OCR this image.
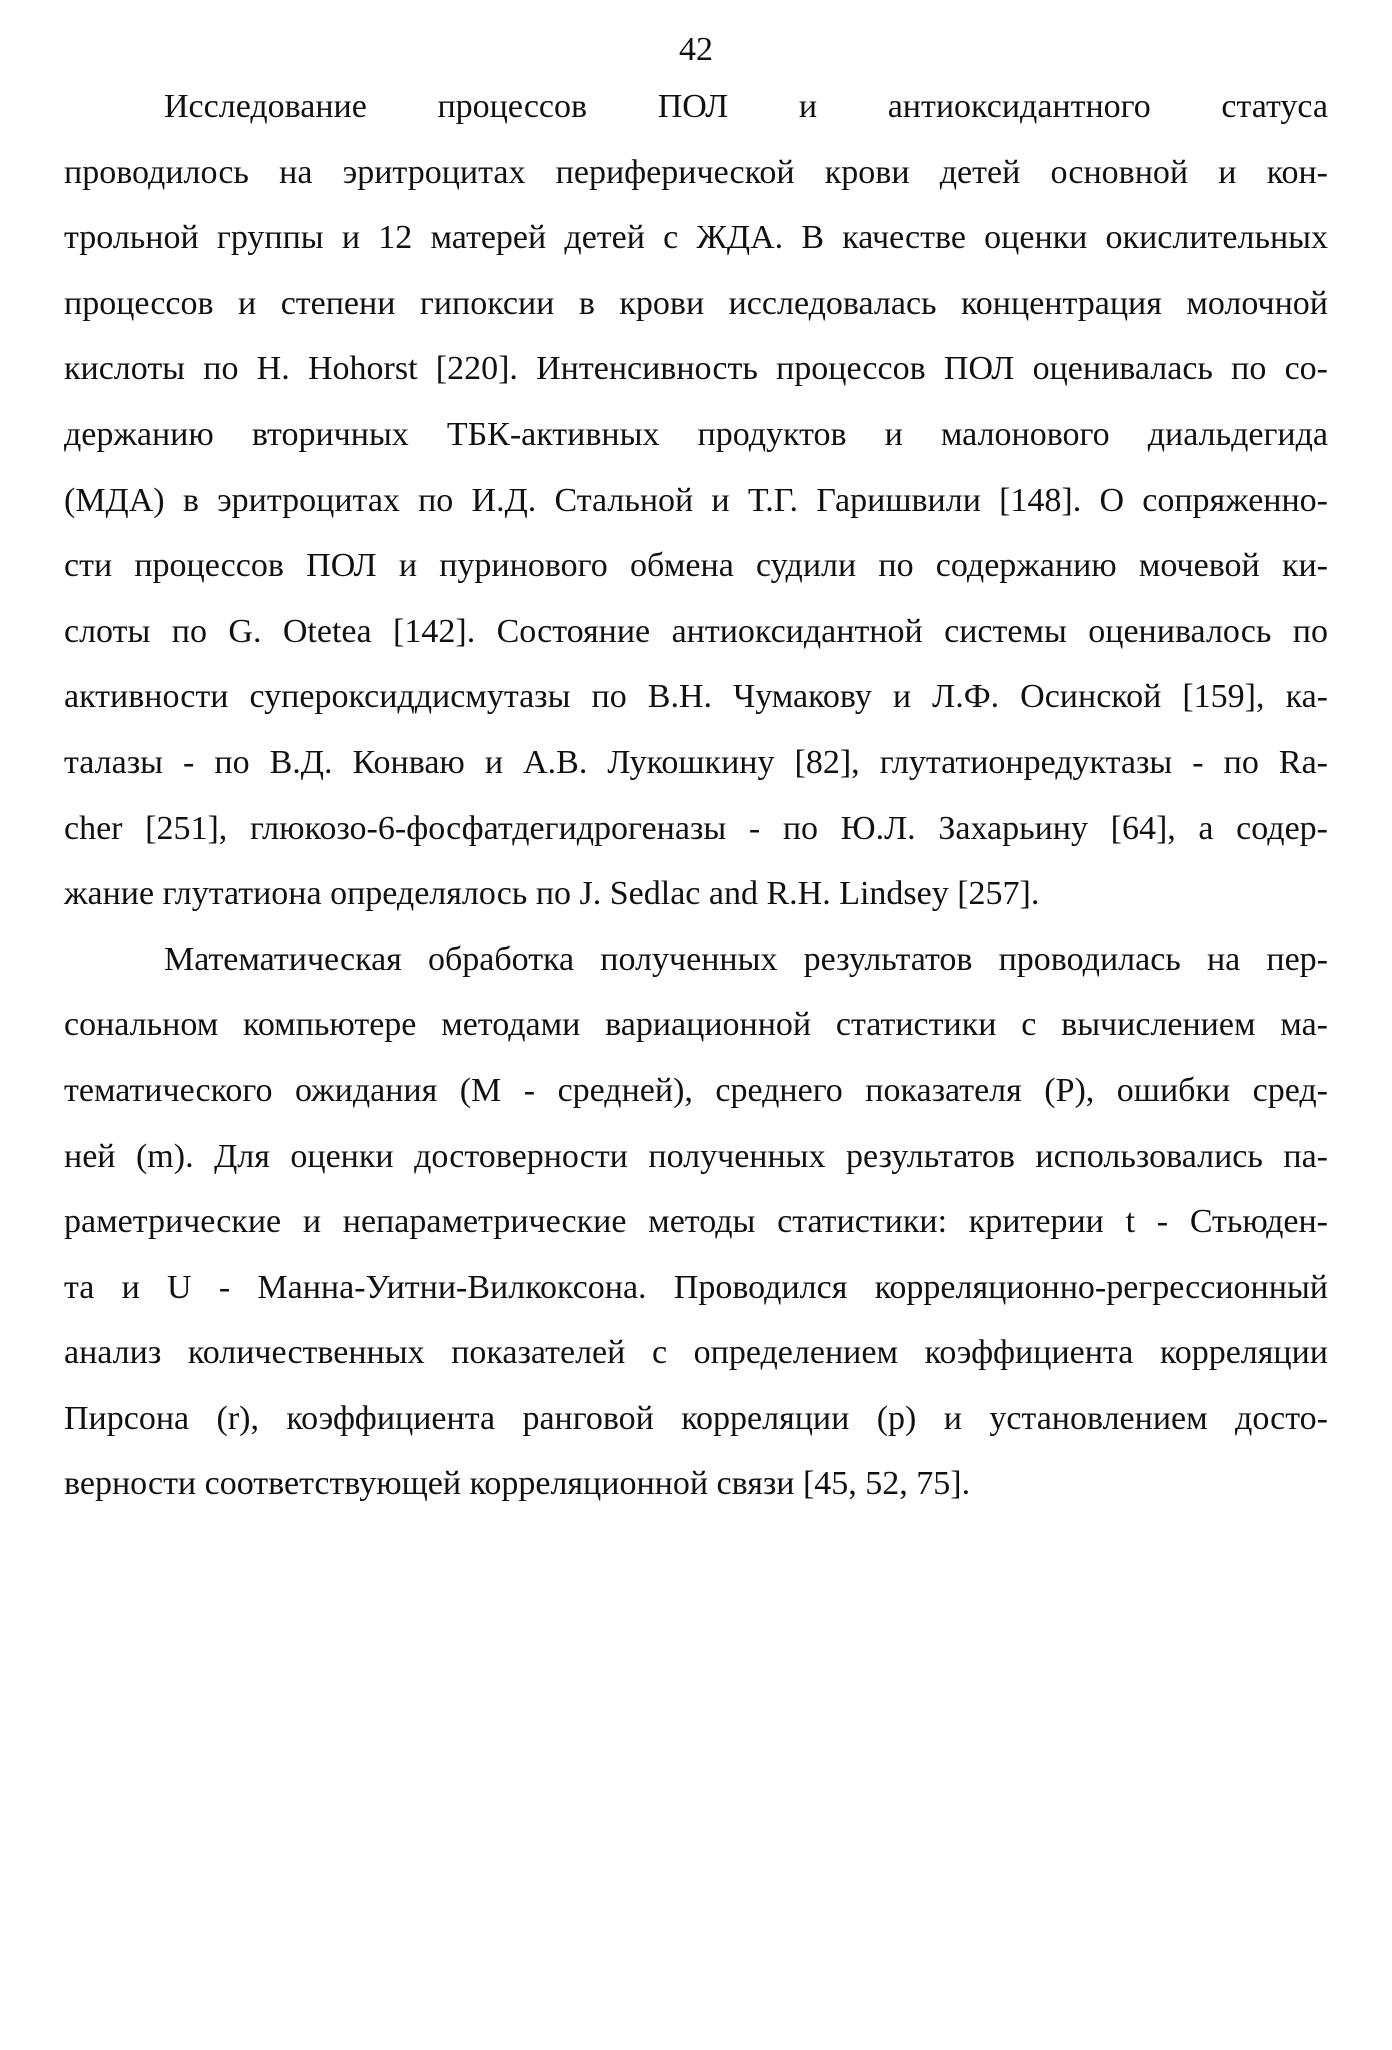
42
Исследование процессов ПОЛ и антиоксидантного статуса
проводилось на эритроцитах периферической крови детей основной и кон-
трольной группы и 12 матерей детей с ЖДА. В качестве оценки окислительных
процессов и степени гипоксии в крови исследовалась концентрация молочной
кислоты по H. Hohorst [220]. Интенсивность процессов ПОЛ оценивалась по со-
держанию вторичных ТБК-активных продуктов и малонового диальдегида
(МДА) в эритроцитах по И.Д. Стальной и Т.Г. Гаришвили [148]. О сопряженно-
сти процессов ПОЛ и пуринового обмена судили по содержанию мочевой ки-
слоты по G. Otetea [142]. Состояние антиоксидантной системы оценивалось по
активности супероксиддисмутазы по В.Н. Чумакову и Л.Ф. Осинской [159], ка-
талазы - по В.Д. Конваю и А.В. Лукошкину [82], глутатионредуктазы - по Ra-
cher [251], глюкозо-6-фосфатдегидрогеназы - по Ю.Л. Захарьину [64], а содер-
жание глутатиона определялось по J. Sedlac and R.H. Lindsey [257].
Математическая обработка полученных результатов проводилась на пер-
сональном компьютере методами вариационной статистики с вычислением ма-
тематического ожидания (М - средней), среднего показателя (Р), ошибки сред-
ней (m). Для оценки достоверности полученных результатов использовались па-
раметрические и непараметрические методы статистики: критерии t - Стьюден-
та и U - Манна-Уитни-Вилкоксона. Проводился корреляционно-регрессионный
анализ количественных показателей с определением коэффициента корреляции
Пирсона (r), коэффициента ранговой корреляции (р) и установлением досто-
верности соответствующей корреляционной связи [45, 52, 75].
